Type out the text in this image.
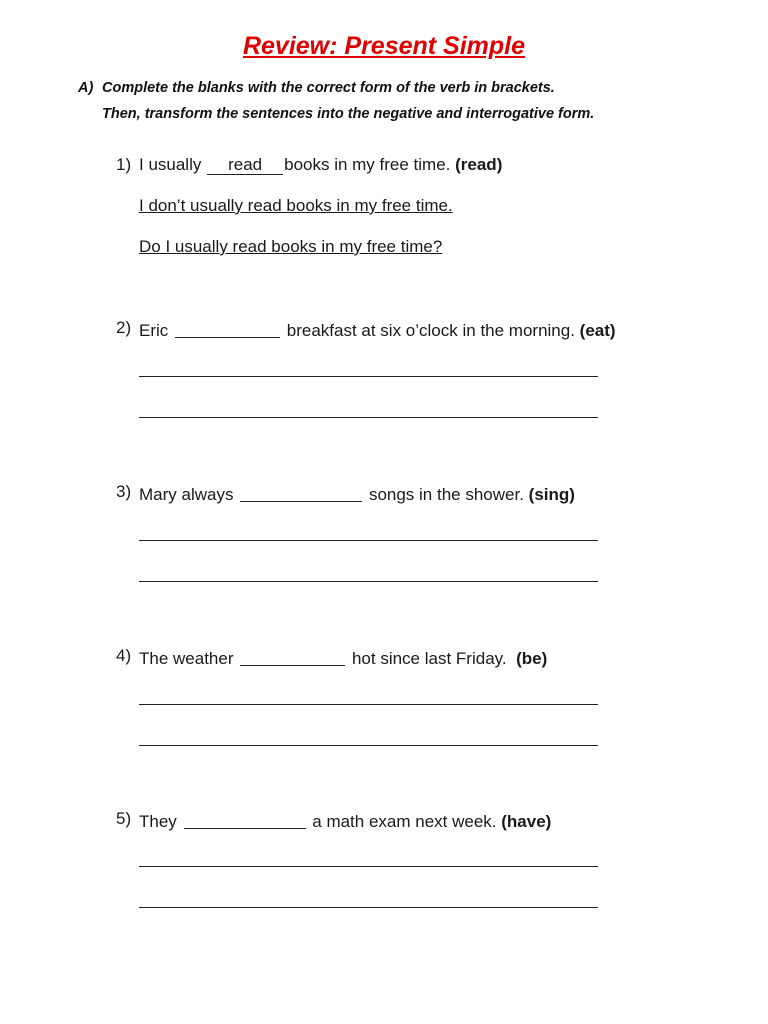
Review: Present Simple
A) Complete the blanks with the correct form of the verb in brackets.
Then, transform the sentences into the negative and interrogative form.
1) I usually read books in my free time. (read)
I don’t usually read books in my free time.
Do I usually read books in my free time?
2) Eric	breakfast at six o’clock in the morning. (eat)
3) Mary always	songs in the shower. (sing)
4) The weather	hot since last Friday. (be)
5) They	a math exam next week. (have)
